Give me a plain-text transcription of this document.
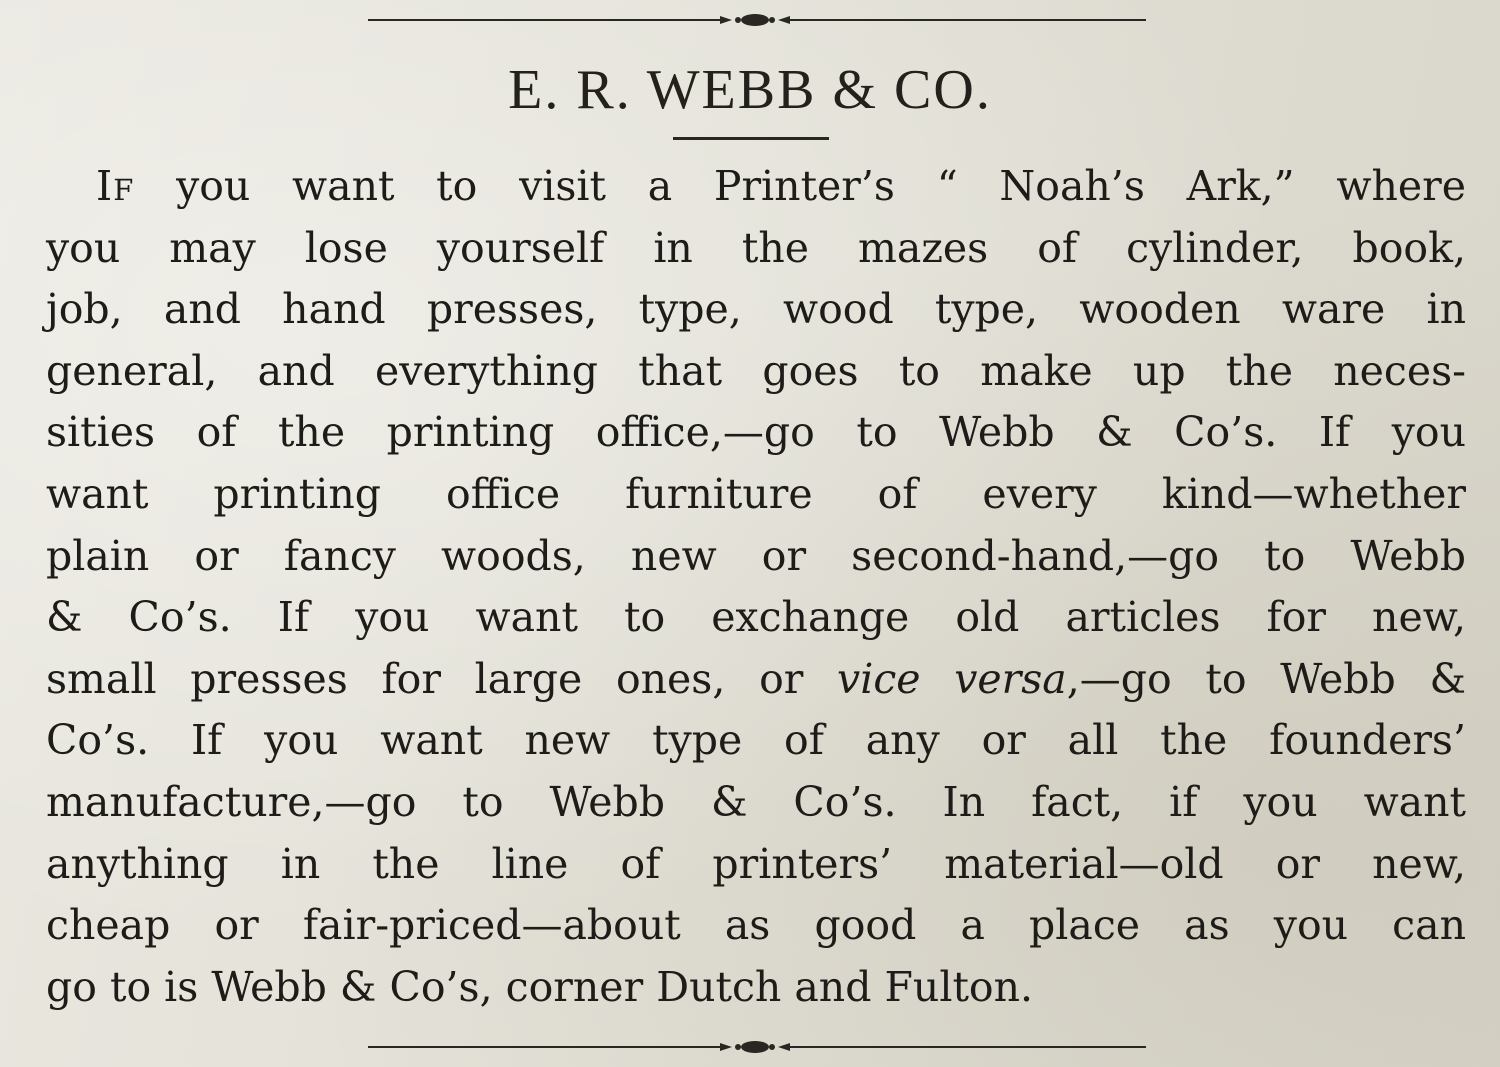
E. R. WEBB & CO.
If you want to visit a Printer’s “ Noah’s Ark,” where
you may lose yourself in the mazes of cylinder, book,
job, and hand presses, type, wood type, wooden ware in
general, and everything that goes to make up the neces-
sities of the printing office,—go to Webb & Co’s. If you
want printing office furniture of every kind—whether
plain or fancy woods, new or second-hand,—go to Webb
& Co’s. If you want to exchange old articles for new,
small presses for large ones, or vice versa,—go to Webb &
Co’s. If you want new type of any or all the founders’
manufacture,—go to Webb & Co’s. In fact, if you want
anything in the line of printers’ material—old or new,
cheap or fair-priced—about as good a place as you can
go to is Webb & Co’s, corner Dutch and Fulton.
